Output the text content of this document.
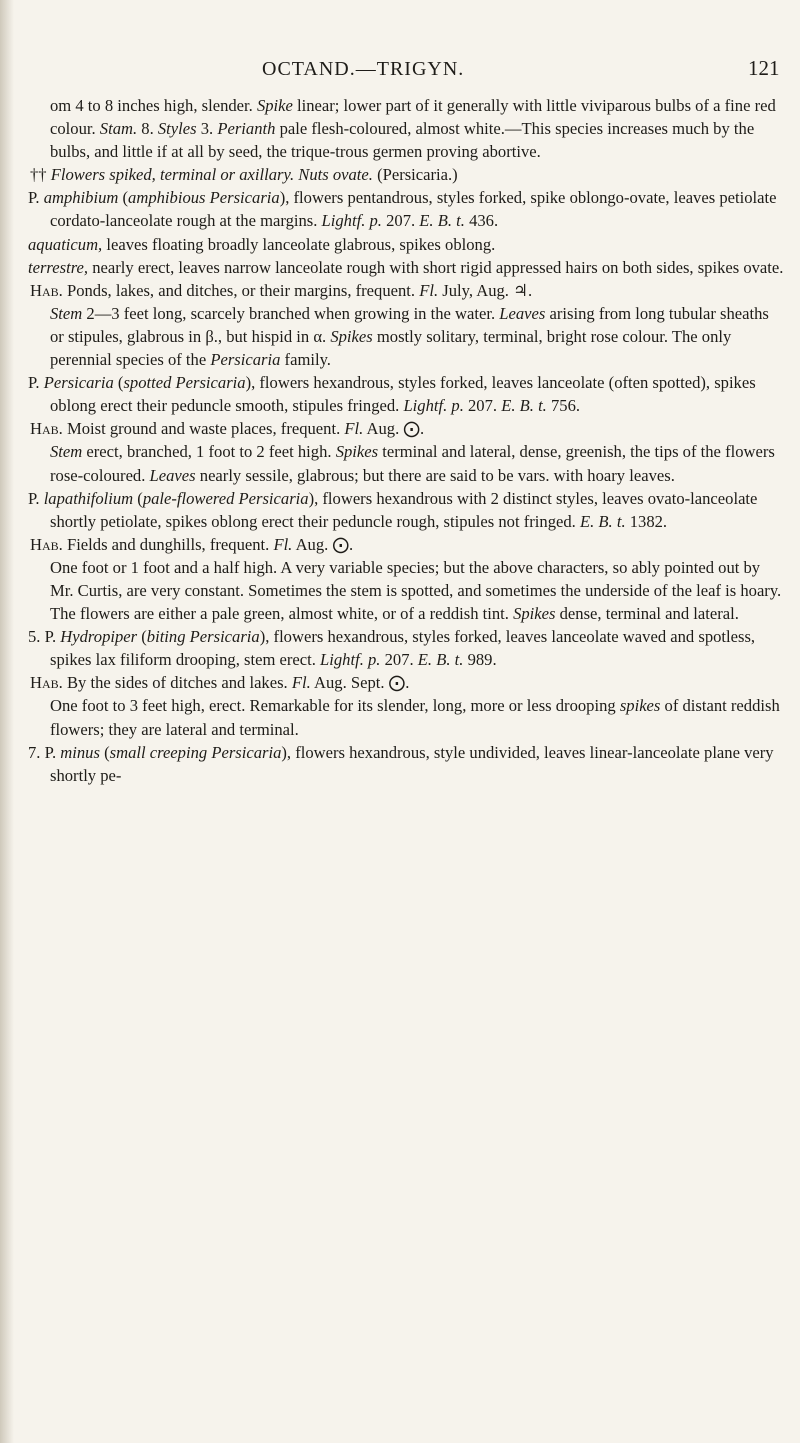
OCTAND.—TRIGYN.	121

om 4 to 8 inches high, slender. Spike linear; lower part of it generally with little viviparous bulbs of a fine red colour. Stam. 8. Styles 3. Perianth pale flesh-coloured, almost white.—This species increases much by the bulbs, and little if at all by seed, the trique-trous germen proving abortive.

†† Flowers spiked, terminal or axillary. Nuts ovate. (Persicaria.)

P. amphibium (amphibious Persicaria), flowers pentandrous, styles forked, spike oblongo-ovate, leaves petiolate cordato-lanceolate rough at the margins. Lightf. p. 207. E. B. t. 436.

aquaticum, leaves floating broadly lanceolate glabrous, spikes oblong.

terrestre, nearly erect, leaves narrow lanceolate rough with short rigid appressed hairs on both sides, spikes ovate.

Hab. Ponds, lakes, and ditches, or their margins, frequent. Fl. July, Aug. ♃.

Stem 2—3 feet long, scarcely branched when growing in the water. Leaves arising from long tubular sheaths or stipules, glabrous in β., but hispid in α. Spikes mostly solitary, terminal, bright rose colour. The only perennial species of the Persicaria family.

P. Persicaria (spotted Persicaria), flowers hexandrous, styles forked, leaves lanceolate (often spotted), spikes oblong erect their peduncle smooth, stipules fringed. Lightf. p. 207. E. B. t. 756.

Hab. Moist ground and waste places, frequent. Fl. Aug. ⨀.

Stem erect, branched, 1 foot to 2 feet high. Spikes terminal and lateral, dense, greenish, the tips of the flowers rose-coloured. Leaves nearly sessile, glabrous; but there are said to be vars. with hoary leaves.

P. lapathifolium (pale-flowered Persicaria), flowers hexandrous with 2 distinct styles, leaves ovato-lanceolate shortly petiolate, spikes oblong erect their peduncle rough, stipules not fringed. E. B. t. 1382.

Hab. Fields and dunghills, frequent. Fl. Aug. ⨀.

One foot or 1 foot and a half high. A very variable species; but the above characters, so ably pointed out by Mr. Curtis, are very constant. Sometimes the stem is spotted, and sometimes the underside of the leaf is hoary. The flowers are either a pale green, almost white, or of a reddish tint. Spikes dense, terminal and lateral.

5. P. Hydropiper (biting Persicaria), flowers hexandrous, styles forked, leaves lanceolate waved and spotless, spikes lax filiform drooping, stem erect. Lightf. p. 207. E. B. t. 989.

Hab. By the sides of ditches and lakes. Fl. Aug. Sept. ⨀.

One foot to 3 feet high, erect. Remarkable for its slender, long, more or less drooping spikes of distant reddish flowers; they are lateral and terminal.

7. P. minus (small creeping Persicaria), flowers hexandrous, style undivided, leaves linear-lanceolate plane very shortly pe-
